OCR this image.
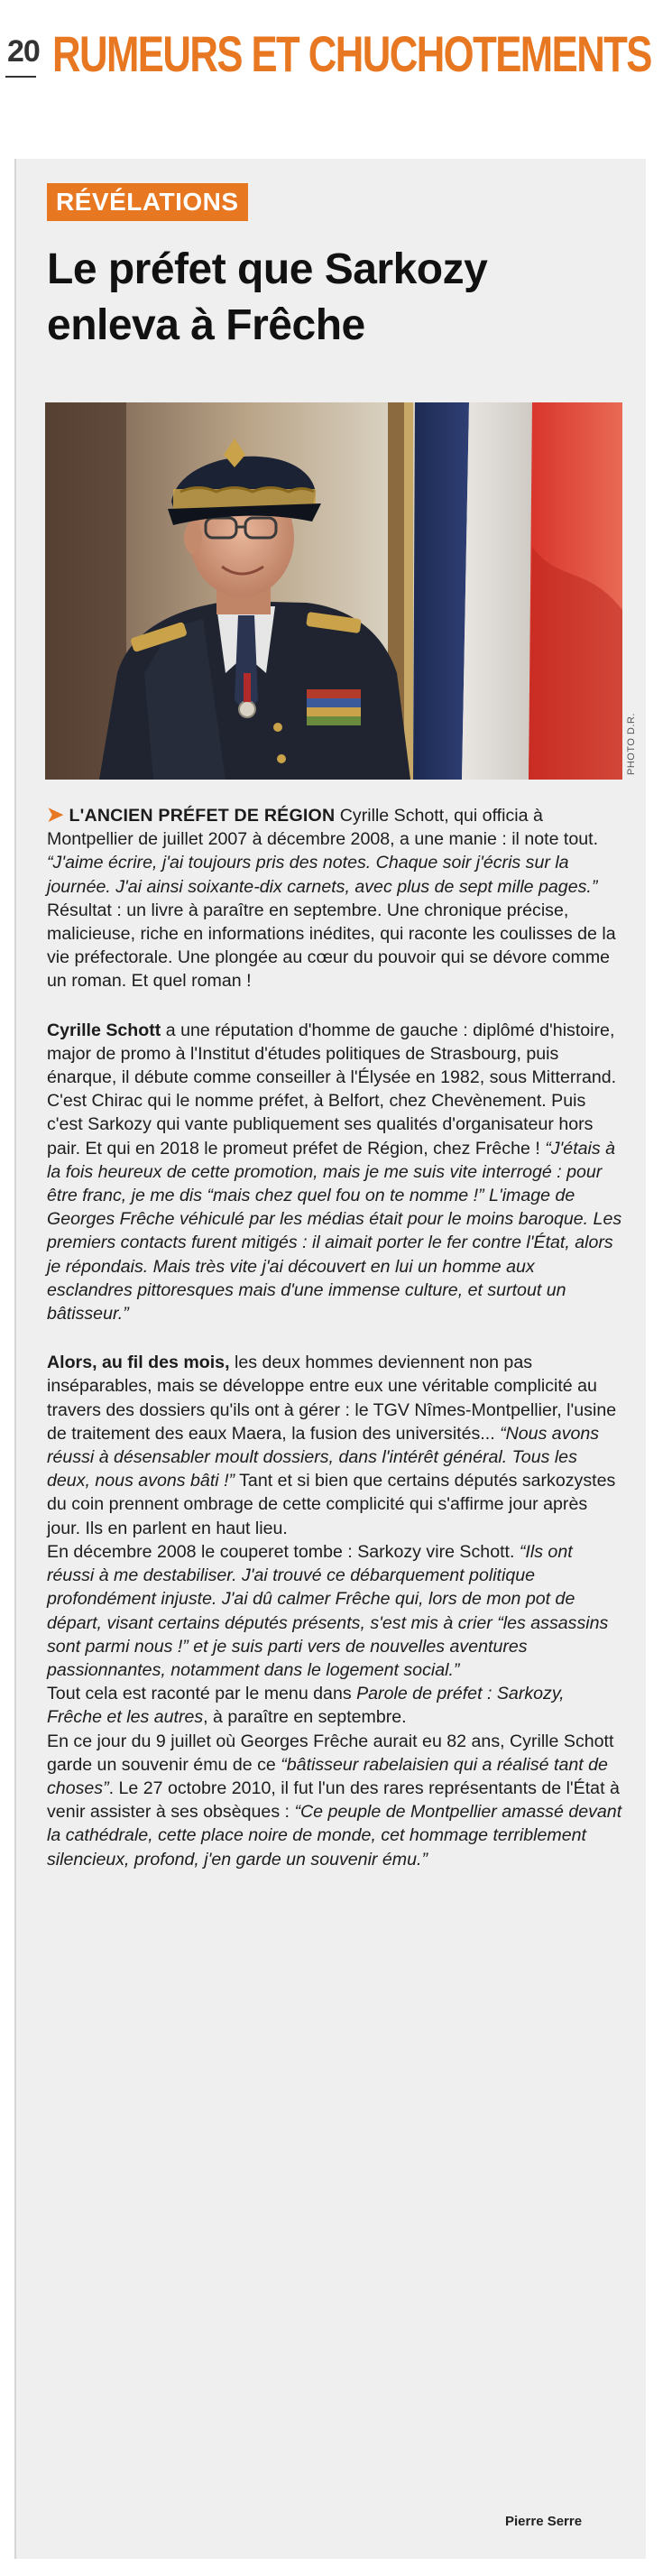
20 RUMEURS ET CHUCHOTEMENTS
RÉVÉLATIONS
Le préfet que Sarkozy
enleva à Frêche
PHOTO D.R.

➤ L'ANCIEN PRÉFET DE RÉGION Cyrille Schott, qui officia à Montpellier de juillet 2007 à décembre 2008, a une manie : il note tout. “J'aime écrire, j'ai toujours pris des notes. Chaque soir j'écris sur la journée. J'ai ainsi soixante-dix carnets, avec plus de sept mille pages.” Résultat : un livre à paraître en septembre. Une chronique précise, malicieuse, riche en informations inédites, qui raconte les coulisses de la vie préfectorale. Une plongée au cœur du pouvoir qui se dévore comme un roman. Et quel roman !

Cyrille Schott a une réputation d'homme de gauche : diplômé d'histoire, major de promo à l'Institut d'études politiques de Strasbourg, puis énarque, il débute comme conseiller à l'Élysée en 1982, sous Mitterrand. C'est Chirac qui le nomme préfet, à Belfort, chez Chevènement. Puis c'est Sarkozy qui vante publiquement ses qualités d'organisateur hors pair. Et qui en 2018 le promeut préfet de Région, chez Frêche ! “J'étais à la fois heureux de cette promotion, mais je me suis vite interrogé : pour être franc, je me dis “mais chez quel fou on te nomme !” L'image de Georges Frêche véhiculé par les médias était pour le moins baroque. Les premiers contacts furent mitigés : il aimait porter le fer contre l'État, alors je répondais. Mais très vite j'ai découvert en lui un homme aux esclandres pittoresques mais d'une immense culture, et surtout un bâtisseur.”

Alors, au fil des mois, les deux hommes deviennent non pas inséparables, mais se développe entre eux une véritable complicité au travers des dossiers qu'ils ont à gérer : le TGV Nîmes-Montpellier, l'usine de traitement des eaux Maera, la fusion des universités... “Nous avons réussi à désensabler moult dossiers, dans l'intérêt général. Tous les deux, nous avons bâti !” Tant et si bien que certains députés sarkozystes du coin prennent ombrage de cette complicité qui s'affirme jour après jour. Ils en parlent en haut lieu.

En décembre 2008 le couperet tombe : Sarkozy vire Schott. “Ils ont réussi à me destabiliser. J'ai trouvé ce débarquement politique profondément injuste. J'ai dû calmer Frêche qui, lors de mon pot de départ, visant certains députés présents, s'est mis à crier “les assassins sont parmi nous !” et je suis parti vers de nouvelles aventures passionnantes, notamment dans le logement social.”

Tout cela est raconté par le menu dans Parole de préfet : Sarkozy, Frêche et les autres, à paraître en septembre.

En ce jour du 9 juillet où Georges Frêche aurait eu 82 ans, Cyrille Schott garde un souvenir ému de ce “bâtisseur rabelaisien qui a réalisé tant de choses”. Le 27 octobre 2010, il fut l'un des rares représentants de l'État à venir assister à ses obsèques : “Ce peuple de Montpellier amassé devant la cathédrale, cette place noire de monde, cet hommage terriblement silencieux, profond, j'en garde un souvenir ému.”

Pierre Serre
